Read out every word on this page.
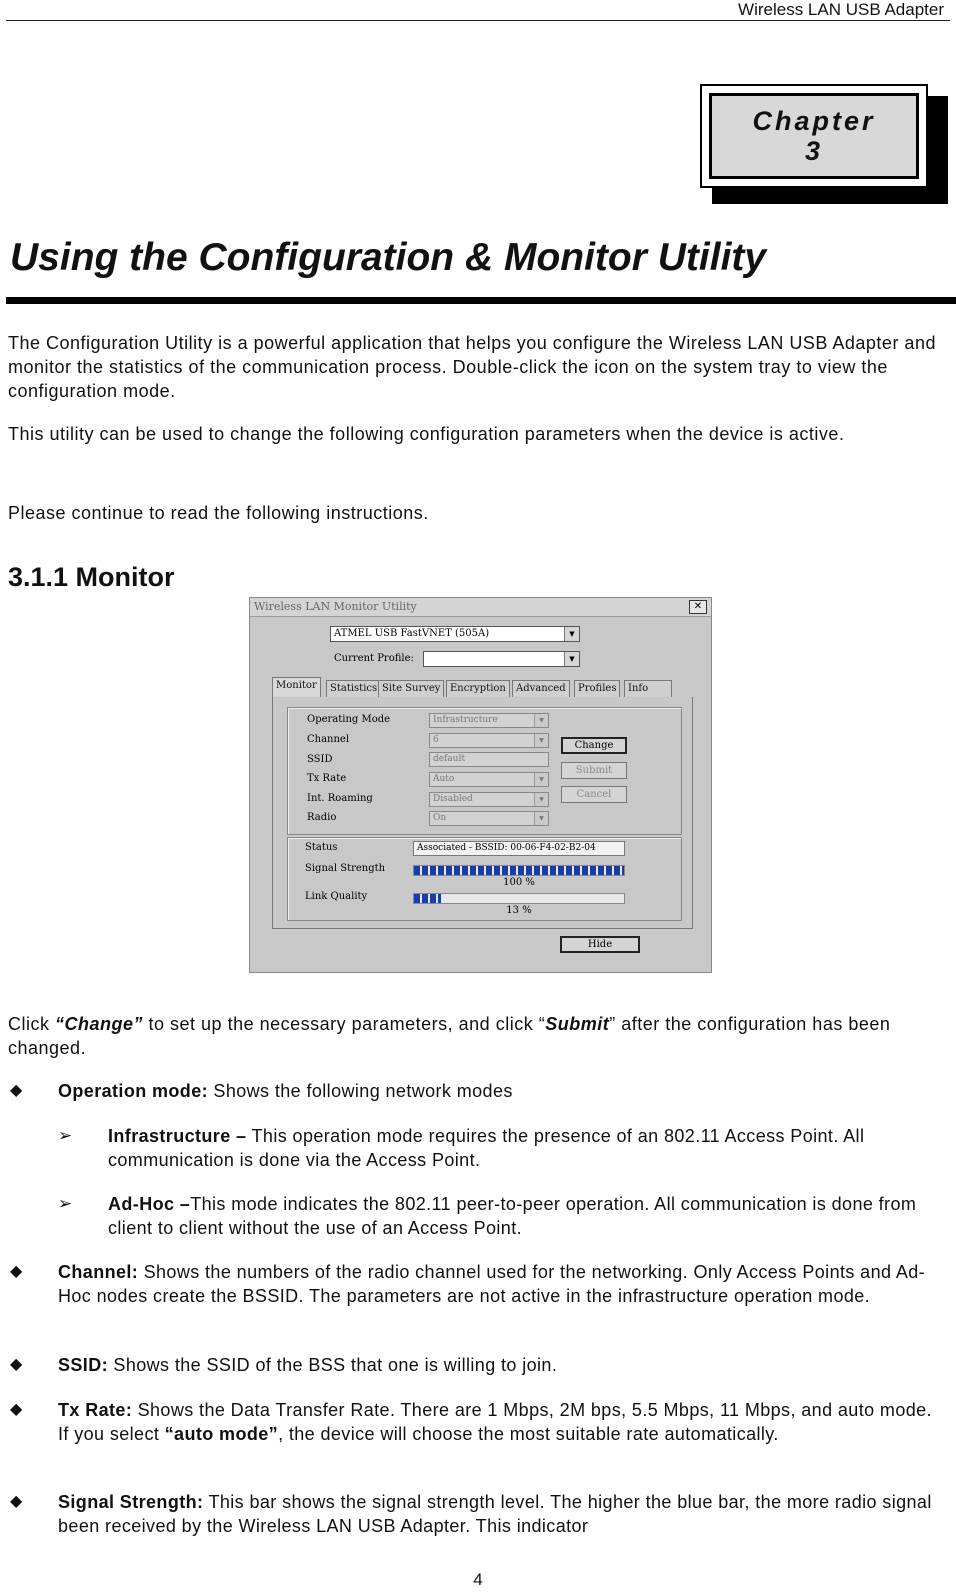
Wireless LAN USB Adapter
Chapter
3
Using the Configuration & Monitor Utility

The Configuration Utility is a powerful application that helps you configure the Wireless LAN USB Adapter and monitor the statistics of the communication process. Double-click the icon on the system tray to view the configuration mode.

This utility can be used to change the following configuration parameters when the device is active.

Please continue to read the following instructions.

3.1.1 Monitor
Wireless LAN Monitor Utility	✕
ATMEL USB FastVNET (505A)	▼
Current Profile:	▼
Monitor	Statistics Site Survey Encryption	Advanced	Profiles	Info
Operating Mode	Infrastructure	▼
Channel	6	▼
SSID	default
Tx Rate	Auto	▼
Int. Roaming	Disabled	▼
Radio	On	▼
Change
Submit
Cancel
Status	Associated - BSSID: 00-06-F4-02-B2-04
Signal Strength
100 %
Link Quality
13 %
Hide

Click “Change” to set up the necessary parameters, and click “Submit” after the configuration has been changed.

◆ Operation mode: Shows the following network modes
➢ Infrastructure – This operation mode requires the presence of an 802.11 Access Point. All communication is done via the Access Point.
➢ Ad-Hoc –This mode indicates the 802.11 peer-to-peer operation. All communication is done from client to client without the use of an Access Point.
◆ Channel: Shows the numbers of the radio channel used for the networking. Only Access Points and Ad-Hoc nodes create the BSSID. The parameters are not active in the infrastructure operation mode.
◆ SSID: Shows the SSID of the BSS that one is willing to join.
◆ Tx Rate: Shows the Data Transfer Rate. There are 1 Mbps, 2M bps, 5.5 Mbps, 11 Mbps, and auto mode. If you select “auto mode”, the device will choose the most suitable rate automatically.
◆ Signal Strength: This bar shows the signal strength level. The higher the blue bar, the more radio signal been received by the Wireless LAN USB Adapter. This indicator
4
